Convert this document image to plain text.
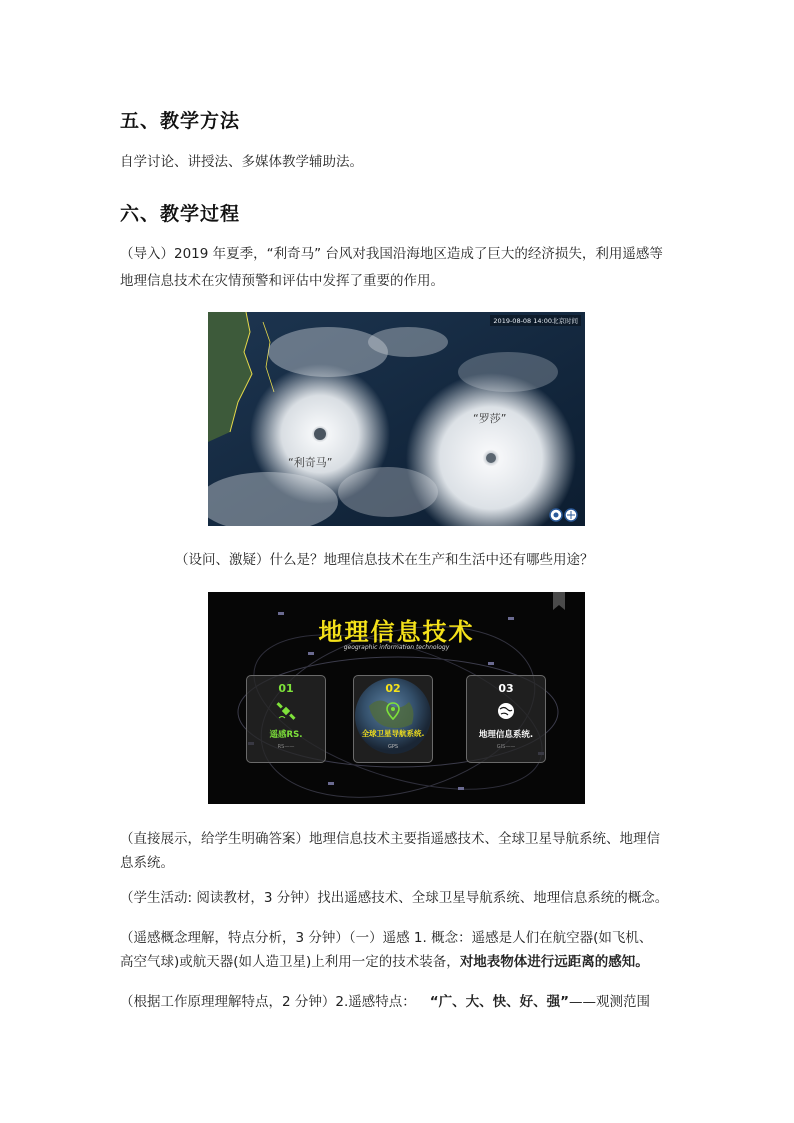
五、教学方法
自学讨论、讲授法、多媒体教学辅助法。
六、教学过程
（导入）2019 年夏季，“利奇马” 台风对我国沿海地区造成了巨大的经济损失，利用遥感等
地理信息技术在灾情预警和评估中发挥了重要的作用。
2019-08-08 14:00北京时间
“利奇马”
“罗莎”
（设问、激疑）什么是？地理信息技术在生产和生活中还有哪些用途？
地理信息技术
geographic information technology
01
遥感RS.
RS——
02
全球卫星导航系统.
GPS
03
地理信息系统.
GIS——
（直接展示，给学生明确答案）地理信息技术主要指遥感技术、全球卫星导航系统、地理信
息系统。
（学生活动: 阅读教材，3 分钟）找出遥感技术、全球卫星导航系统、地理信息系统的概念。
（遥感概念理解，特点分析，3 分钟）（一）遥感 1. 概念：遥感是人们在航空器(如飞机、
高空气球)或航天器(如人造卫星)上利用一定的技术装备，对地表物体进行远距离的感知。
（根据工作原理理解特点，2 分钟）2.遥感特点： “广、大、快、好、强”——观测范围
